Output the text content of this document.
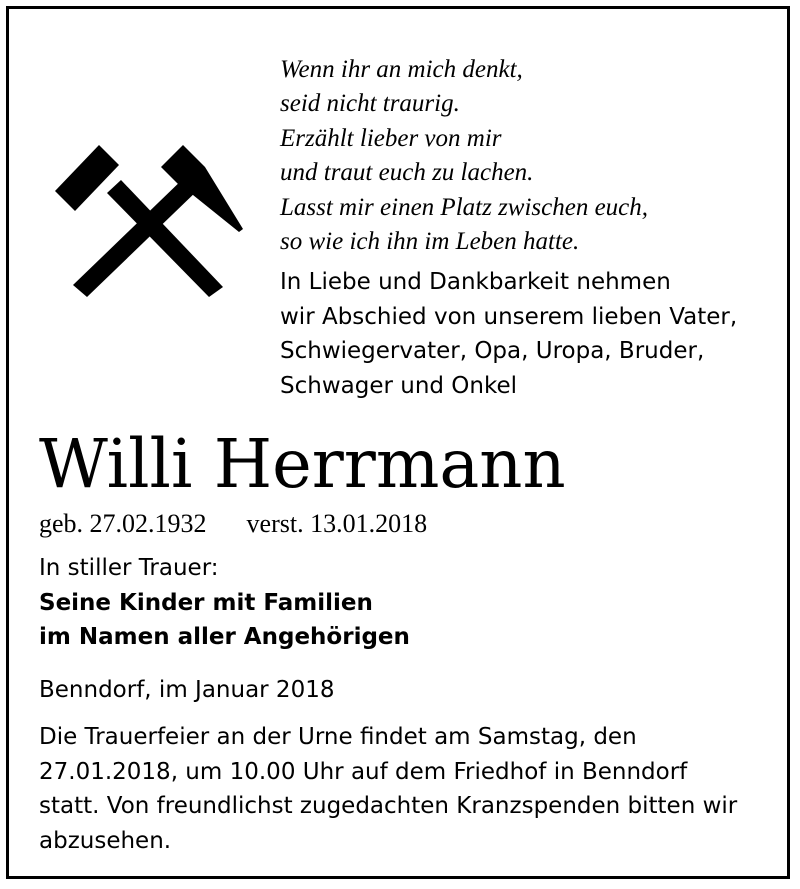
Wenn ihr an mich denkt,
seid nicht traurig.
Erzählt lieber von mir
und traut euch zu lachen.
Lasst mir einen Platz zwischen euch,
so wie ich ihn im Leben hatte.
In Liebe und Dankbarkeit nehmen
wir Abschied von unserem lieben Vater,
Schwiegervater, Opa, Uropa, Bruder,
Schwager und Onkel
Willi Herrmann
geb. 27.02.1932 verst. 13.01.2018
In stiller Trauer:
Seine Kinder mit Familien
im Namen aller Angehörigen
Benndorf, im Januar 2018
Die Trauerfeier an der Urne findet am Samstag, den
27.01.2018, um 10.00 Uhr auf dem Friedhof in Benndorf
statt. Von freundlichst zugedachten Kranzspenden bitten wir
abzusehen.
